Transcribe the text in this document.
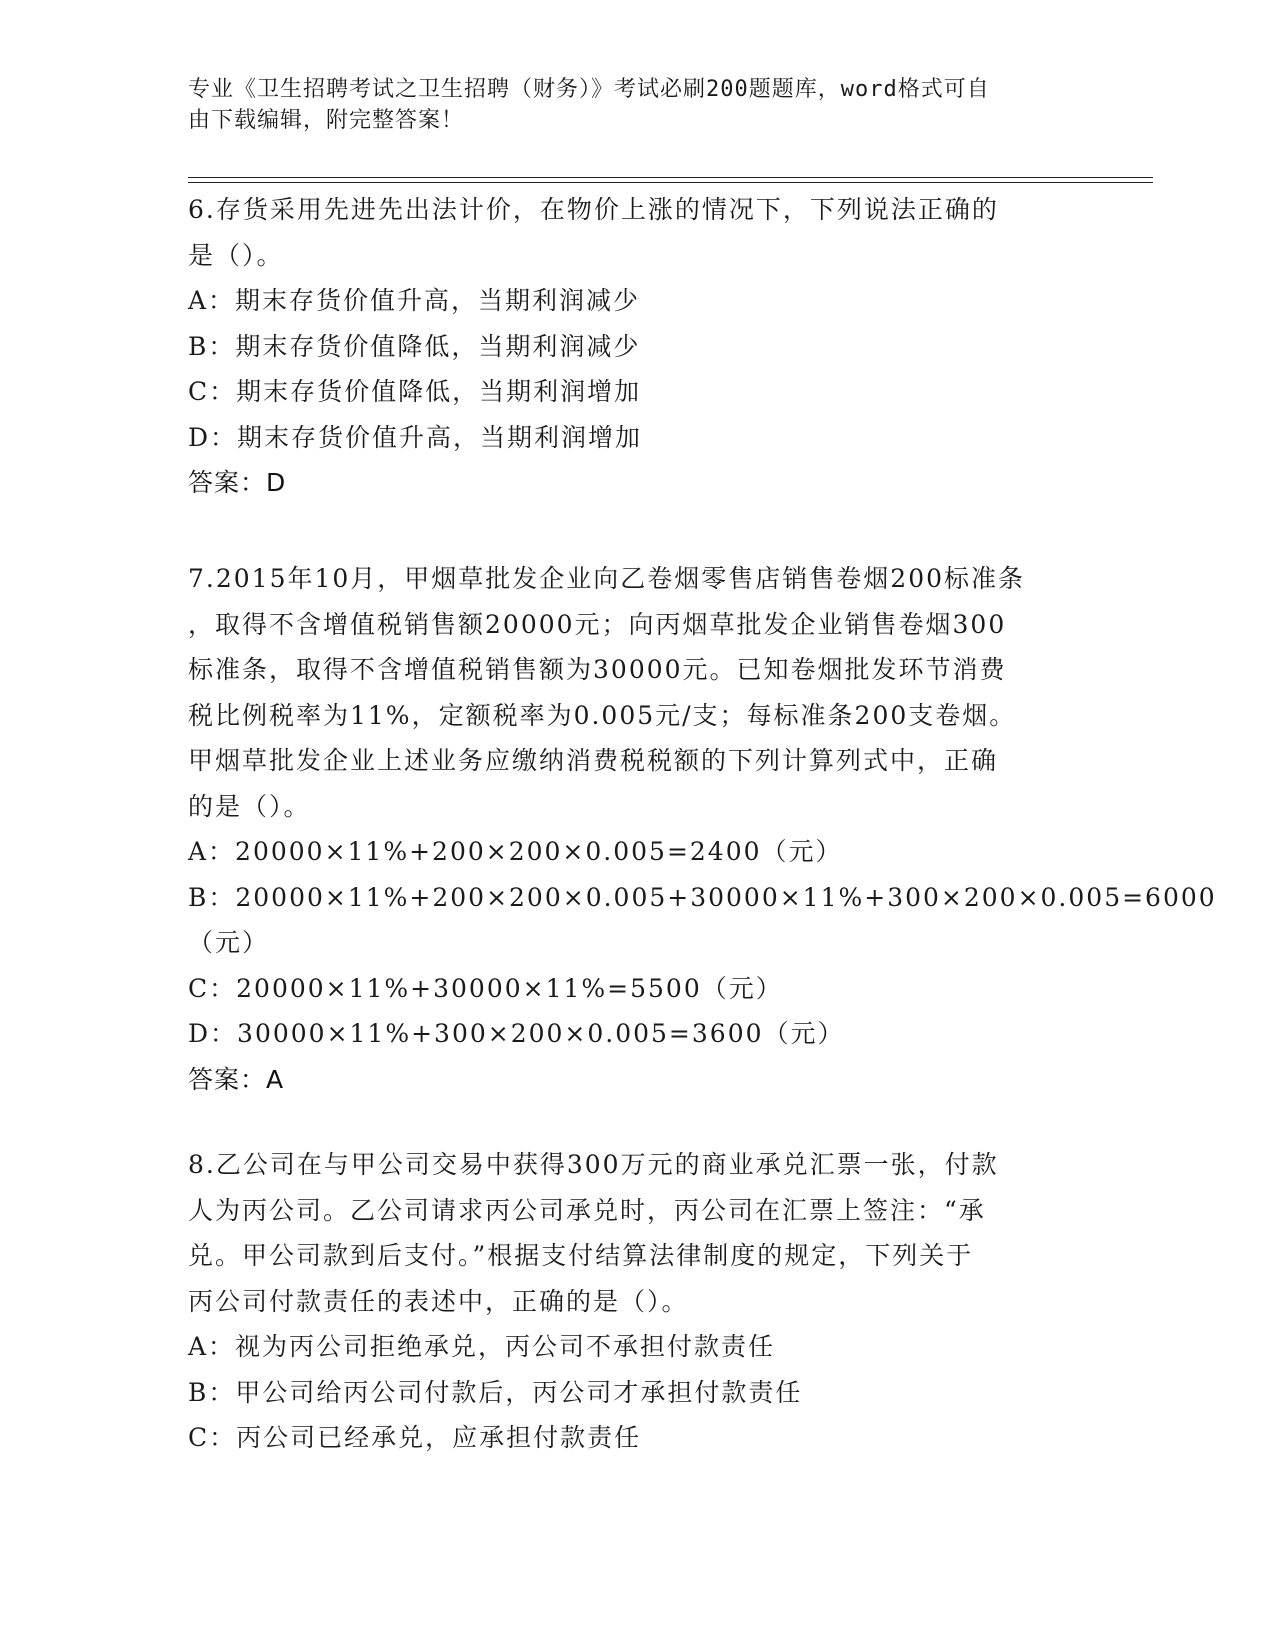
专业《卫生招聘考试之卫生招聘（财务）》考试必刷200题题库，word格式可自
由下载编辑，附完整答案！
6.存货采用先进先出法计价，在物价上涨的情况下，下列说法正确的
是（）。
A：期末存货价值升高，当期利润减少
B：期末存货价值降低，当期利润减少
C：期末存货价值降低，当期利润增加
D：期末存货价值升高，当期利润增加
答案：D
7.2015年10月，甲烟草批发企业向乙卷烟零售店销售卷烟200标准条
，取得不含增值税销售额20000元；向丙烟草批发企业销售卷烟300
标准条，取得不含增值税销售额为30000元。已知卷烟批发环节消费
税比例税率为11%，定额税率为0.005元/支；每标准条200支卷烟。
甲烟草批发企业上述业务应缴纳消费税税额的下列计算列式中，正确
的是（）。
A：20000×11%+200×200×0.005=2400（元）
B：20000×11%+200×200×0.005+30000×11%+300×200×0.005=6000
（元）
C：20000×11%+30000×11%=5500（元）
D：30000×11%+300×200×0.005=3600（元）
答案：A
8.乙公司在与甲公司交易中获得300万元的商业承兑汇票一张，付款
人为丙公司。乙公司请求丙公司承兑时，丙公司在汇票上签注：“承
兑。甲公司款到后支付。”根据支付结算法律制度的规定，下列关于
丙公司付款责任的表述中，正确的是（）。
A：视为丙公司拒绝承兑，丙公司不承担付款责任
B：甲公司给丙公司付款后，丙公司才承担付款责任
C：丙公司已经承兑，应承担付款责任
